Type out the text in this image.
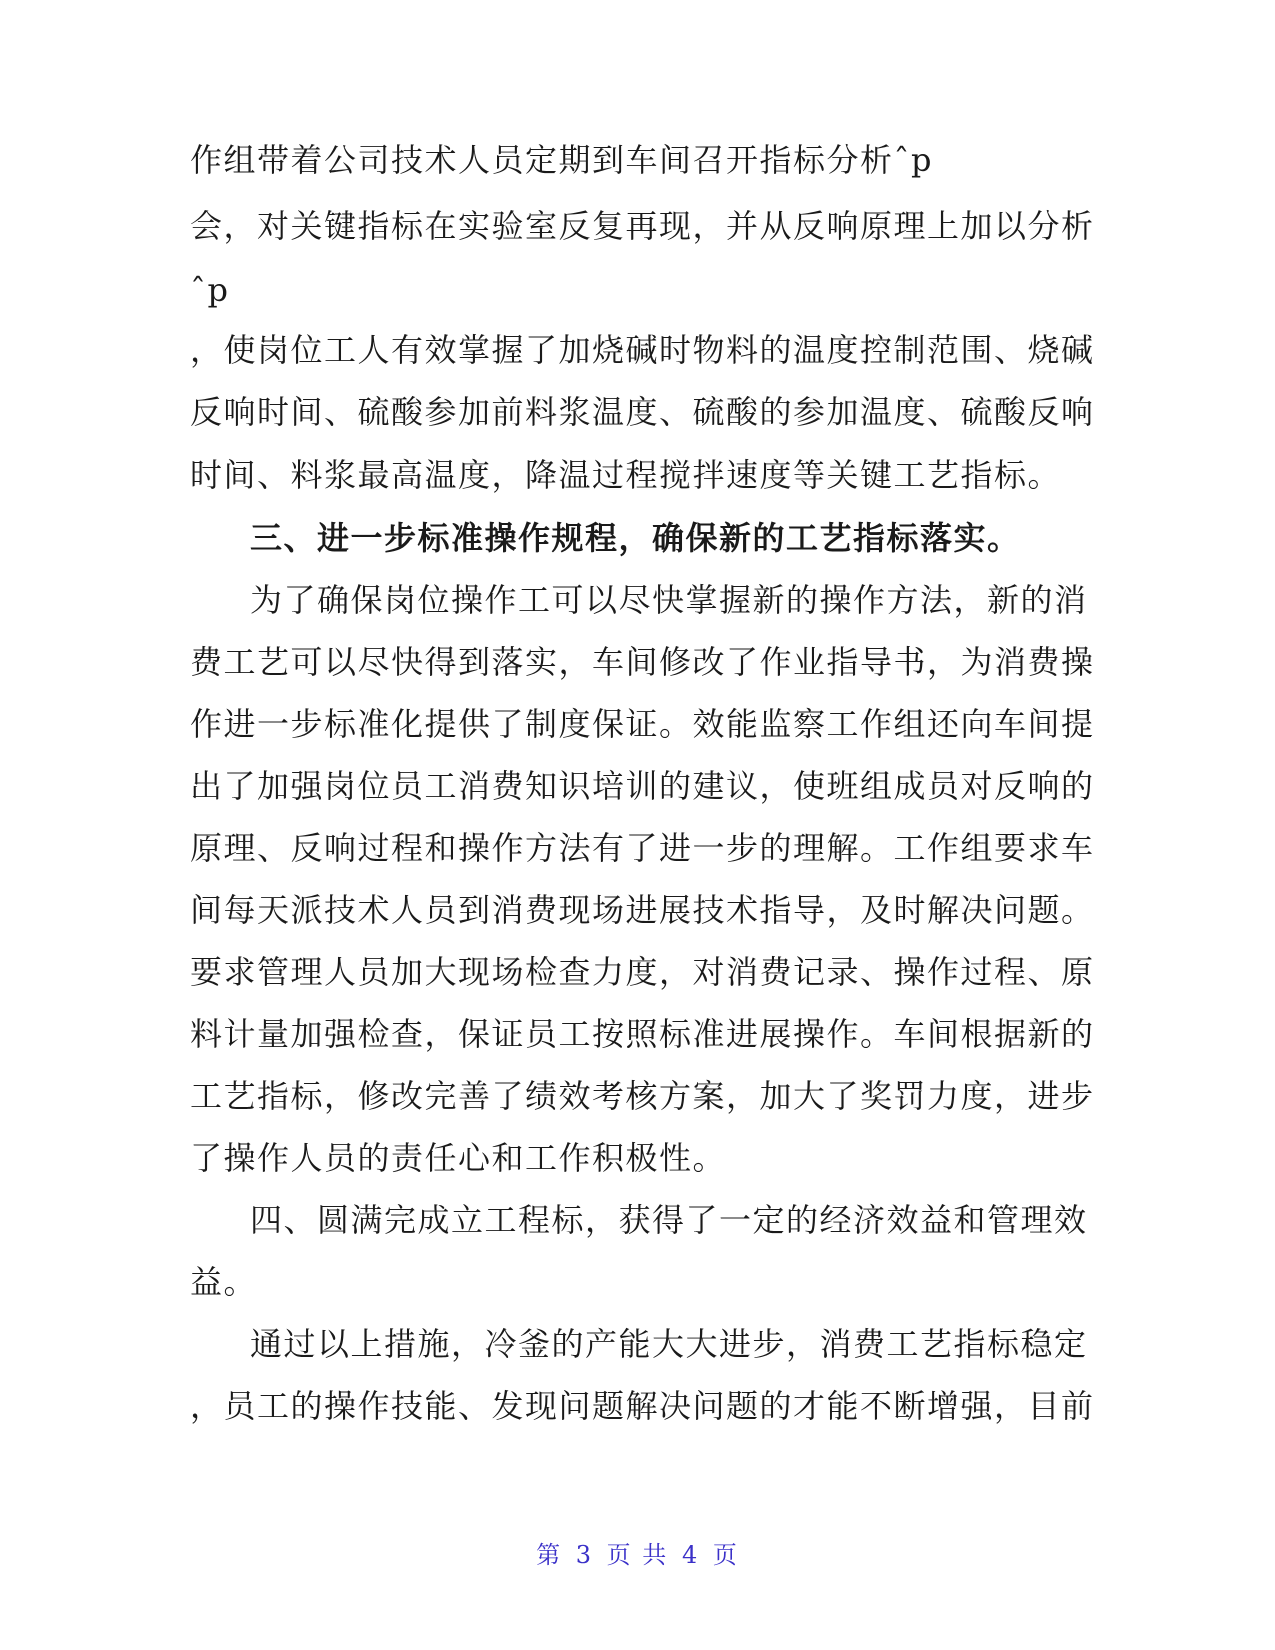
作组带着公司技术人员定期到车间召开指标分析ˆp
会，对关键指标在实验室反复再现，并从反响原理上加以分析
ˆp
，使岗位工人有效掌握了加烧碱时物料的温度控制范围、烧碱
反响时间、硫酸参加前料浆温度、硫酸的参加温度、硫酸反响
时间、料浆最高温度，降温过程搅拌速度等关键工艺指标。
三、进一步标准操作规程，确保新的工艺指标落实。
为了确保岗位操作工可以尽快掌握新的操作方法，新的消
费工艺可以尽快得到落实，车间修改了作业指导书，为消费操
作进一步标准化提供了制度保证。效能监察工作组还向车间提
出了加强岗位员工消费知识培训的建议，使班组成员对反响的
原理、反响过程和操作方法有了进一步的理解。工作组要求车
间每天派技术人员到消费现场进展技术指导，及时解决问题。
要求管理人员加大现场检查力度，对消费记录、操作过程、原
料计量加强检查，保证员工按照标准进展操作。车间根据新的
工艺指标，修改完善了绩效考核方案，加大了奖罚力度，进步
了操作人员的责任心和工作积极性。
四、圆满完成立工程标，获得了一定的经济效益和管理效
益。
通过以上措施，冷釜的产能大大进步，消费工艺指标稳定
，员工的操作技能、发现问题解决问题的才能不断增强，目前
第 3 页 共 4 页
